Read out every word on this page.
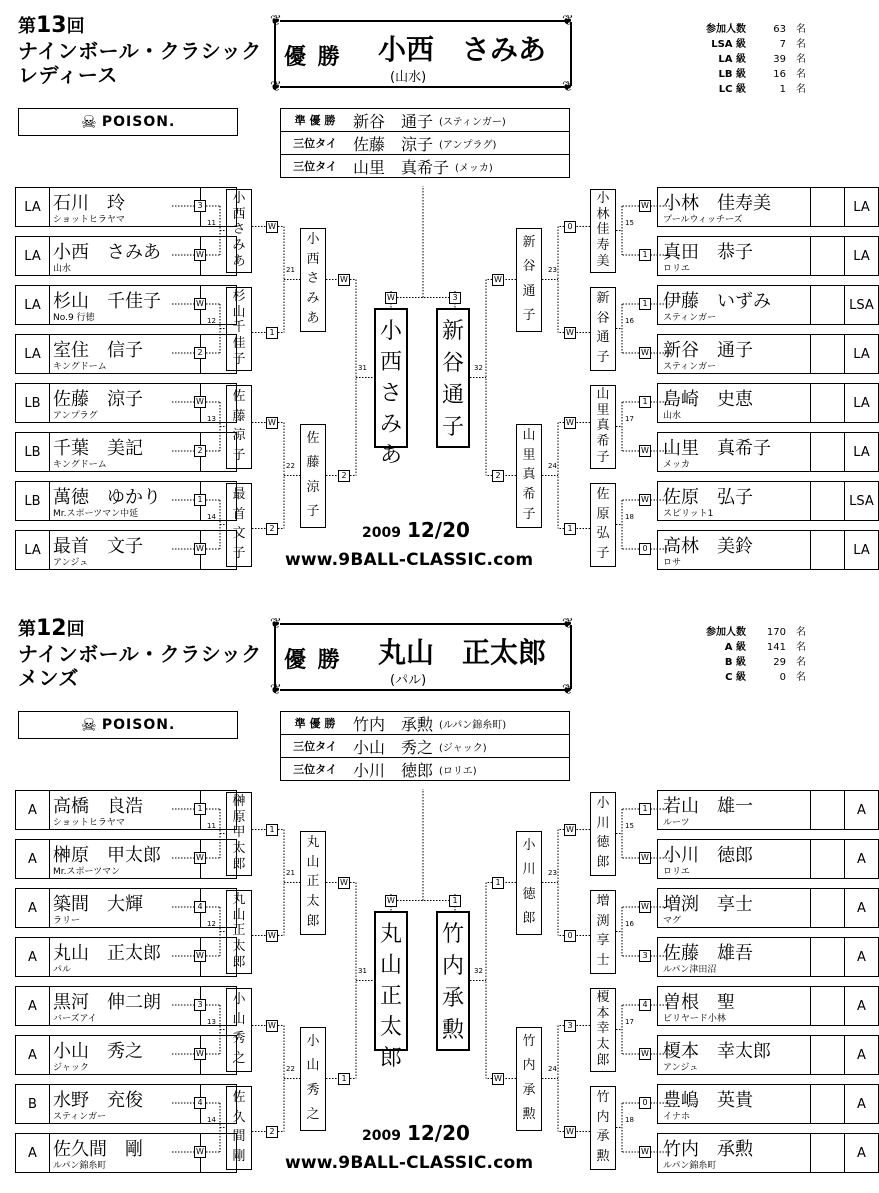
第13回
ナインボール・クラシック
レディース
☠ POISON.
❦	❦
❦	❦
優 勝 小西　さみあ
(山水)
準 優 勝	新谷　通子 (スティンガー)
三位タイ	佐藤　涼子 (アンプラグ)
三位タイ	山里　真希子 (メッカ)
参加人数	63 名
LSA 級	7 名
LA 級	39 名
LB 級	16 名
LC 級	1 名
LA 石川　玲
ショットヒラヤマ
3
LA 小西　さみあ
山水
W
LA 杉山　千佳子
No.9 行徳
W
LA 室住　信子
キングドーム
2
LB 佐藤　涼子
アンプラグ
W
LB 千葉　美記
キングドーム
2
LB 萬徳　ゆかり
Mr.スポーツマン中延
1
LA 最首　文子
アンジュ
W
LA
小林　佳寿美
プールウィッチーズ
W
LA
真田　恭子
ロリエ
1
LSA
伊藤　いずみ
スティンガー
1
LA
新谷　通子
スティンガー
W
LA
島崎　史恵
山水
1
LA
山里　真希子
メッカ
W
LSA
佐原　弘子
スピリット1
W
LA
高林　美鈴
ロサ
0
11	15
12	16
13	17
14	18
小
西
さ
み
あ
杉
山
千
佳
子
佐
藤
涼
子
最
首
文
子
小
林
佳
寿
美
新
谷
通
子
山
里
真
希
子
佐
原
弘
子
W
1
21
0
W
23
W
2
22
W
1
24
小
西
さ
み
あ
佐
藤
涼
子
新
谷
通
子
山
里
真
希
子
W
2
31
W
2
32
小
西
さ
み
あ
新
谷
通
子
W	3
2009 12/20
www.9BALL-CLASSIC.com
第12回
ナインボール・クラシック
メンズ
☠ POISON.
❦	❦
❦	❦
優 勝 丸山　正太郎
(パル)
準 優 勝	竹内　承勲 (ルパン錦糸町)
三位タイ	小山　秀之 (ジャック)
三位タイ	小川　徳郎 (ロリエ)
参加人数	170 名
A 級	141 名
B 級	29 名
C 級	0 名
A 高橋　良浩
ショットヒラヤマ
1
A 榊原　甲太郎
Mr.スポーツマン
W
A 築間　大輝
ラリー
4
A 丸山　正太郎
パル
W
A 黒河　伸二朗
バーズアイ
3
A 小山　秀之
ジャック
W
B 水野　充俊
スティンガー
4
A 佐久間　剛
ルパン錦糸町
W
A
若山　雄一
ルーツ
1
A
小川　徳郎
ロリエ
W
A
増渕　享士
マグ
W
A
佐藤　雄吾
ルパン津田沼
3
A
曽根　聖
ビリヤード小林
4
A
榎本　幸太郎
アンジュ
W
A
豊嶋　英貴
イナホ
0
A
竹内　承勲
ルパン錦糸町
W
11	15
12	16
13	17
14	18
榊
原
甲
太
郎
丸
山
正
太
郎
小
山
秀
之
佐
久
間
剛
小
川
徳
郎
増
渕
享
士
榎
本
幸
太
郎
竹
内
承
勲
1
W
21
W
0
23
W
2
22
3
W
24
丸
山
正
太
郎
小
山
秀
之
小
川
徳
郎
竹
内
承
勲
W
1
31
1
W
32
丸
山
正
太
郎
竹
内
承
勲
W	1
2009 12/20
www.9BALL-CLASSIC.com
